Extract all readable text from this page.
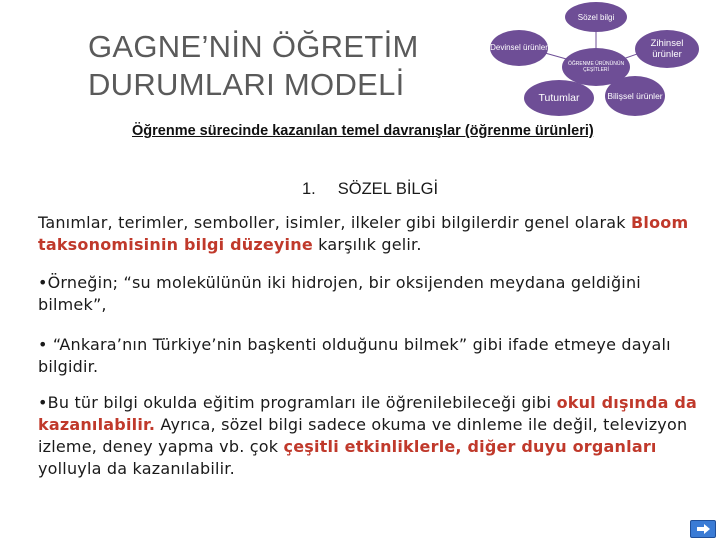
GAGNE’NİN ÖĞRETİM
DURUMLARI MODELİ
Sözel bilgi
Devinsel ürünler	Zihinsel ürünler
ÖĞRENME ÜRÜNÜNÜN ÇEŞİTLERİ
Tutumlar	Bilişsel ürünler
Öğrenme sürecinde kazanılan temel davranışlar (öğrenme ürünleri)
1. SÖZEL BİLGİ
Tanımlar, terimler, semboller, isimler, ilkeler gibi bilgilerdir genel olarak Bloom taksonomisinin bilgi düzeyine karşılık gelir.
•Örneğin; “su molekülünün iki hidrojen, bir oksijenden meydana geldiğini bilmek”,
• “Ankara’nın Türkiye’nin başkenti olduğunu bilmek” gibi ifade etmeye dayalı bilgidir.
•Bu tür bilgi okulda eğitim programları ile öğrenilebileceği gibi okul dışında da kazanılabilir. Ayrıca, sözel bilgi sadece okuma ve dinleme ile değil, televizyon izleme, deney yapma vb. çok çeşitli etkinliklerle, diğer duyu organları yolluyla da kazanılabilir.
